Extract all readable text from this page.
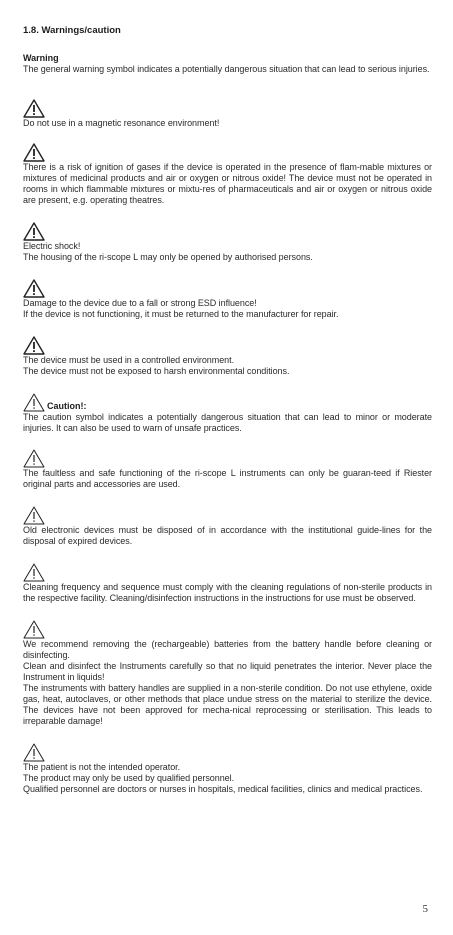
1.8. Warnings/caution
Warning
The general warning symbol indicates a potentially dangerous situation that can lead to serious injuries.

Do not use in a magnetic resonance environment!

There is a risk of ignition of gases if the device is operated in the presence of flam-mable mixtures or mixtures of medicinal products and air or oxygen or nitrous oxide! The device must not be operated in rooms in which flammable mixtures or mixtu-res of pharmaceuticals and air or oxygen or nitrous oxide are present, e.g. operating theatres.

Electric shock!

The housing of the ri-scope L may only be opened by authorised persons.

Damage to the device due to a fall or strong ESD influence!

If the device is not functioning, it must be returned to the manufacturer for repair.

The device must be used in a controlled environment.

The device must not be exposed to harsh environmental conditions.

Caution!:
The caution symbol indicates a potentially dangerous situation that can lead to minor or moderate injuries. It can also be used to warn of unsafe practices.

The faultless and safe functioning of the ri-scope L instruments can only be guaran-teed if Riester original parts and accessories are used.

Old electronic devices must be disposed of in accordance with the institutional guide-lines for the disposal of expired devices.

Cleaning frequency and sequence must comply with the cleaning regulations of non-sterile products in the respective facility. Cleaning/disinfection instructions in the instructions for use must be observed.

We recommend removing the (rechargeable) batteries from the battery handle before cleaning or disinfecting.

Clean and disinfect the Instruments carefully so that no liquid penetrates the interior. Never place the Instrument in liquids!

The instruments with battery handles are supplied in a non-sterile condition. Do not use ethylene, oxide gas, heat, autoclaves, or other methods that place undue stress on the material to sterilize the device. The devices have not been approved for mecha-nical reprocessing or sterilisation. This leads to irreparable damage!

The patient is not the intended operator.

The product may only be used by qualified personnel.

Qualified personnel are doctors or nurses in hospitals, medical facilities, clinics and medical practices.

5
